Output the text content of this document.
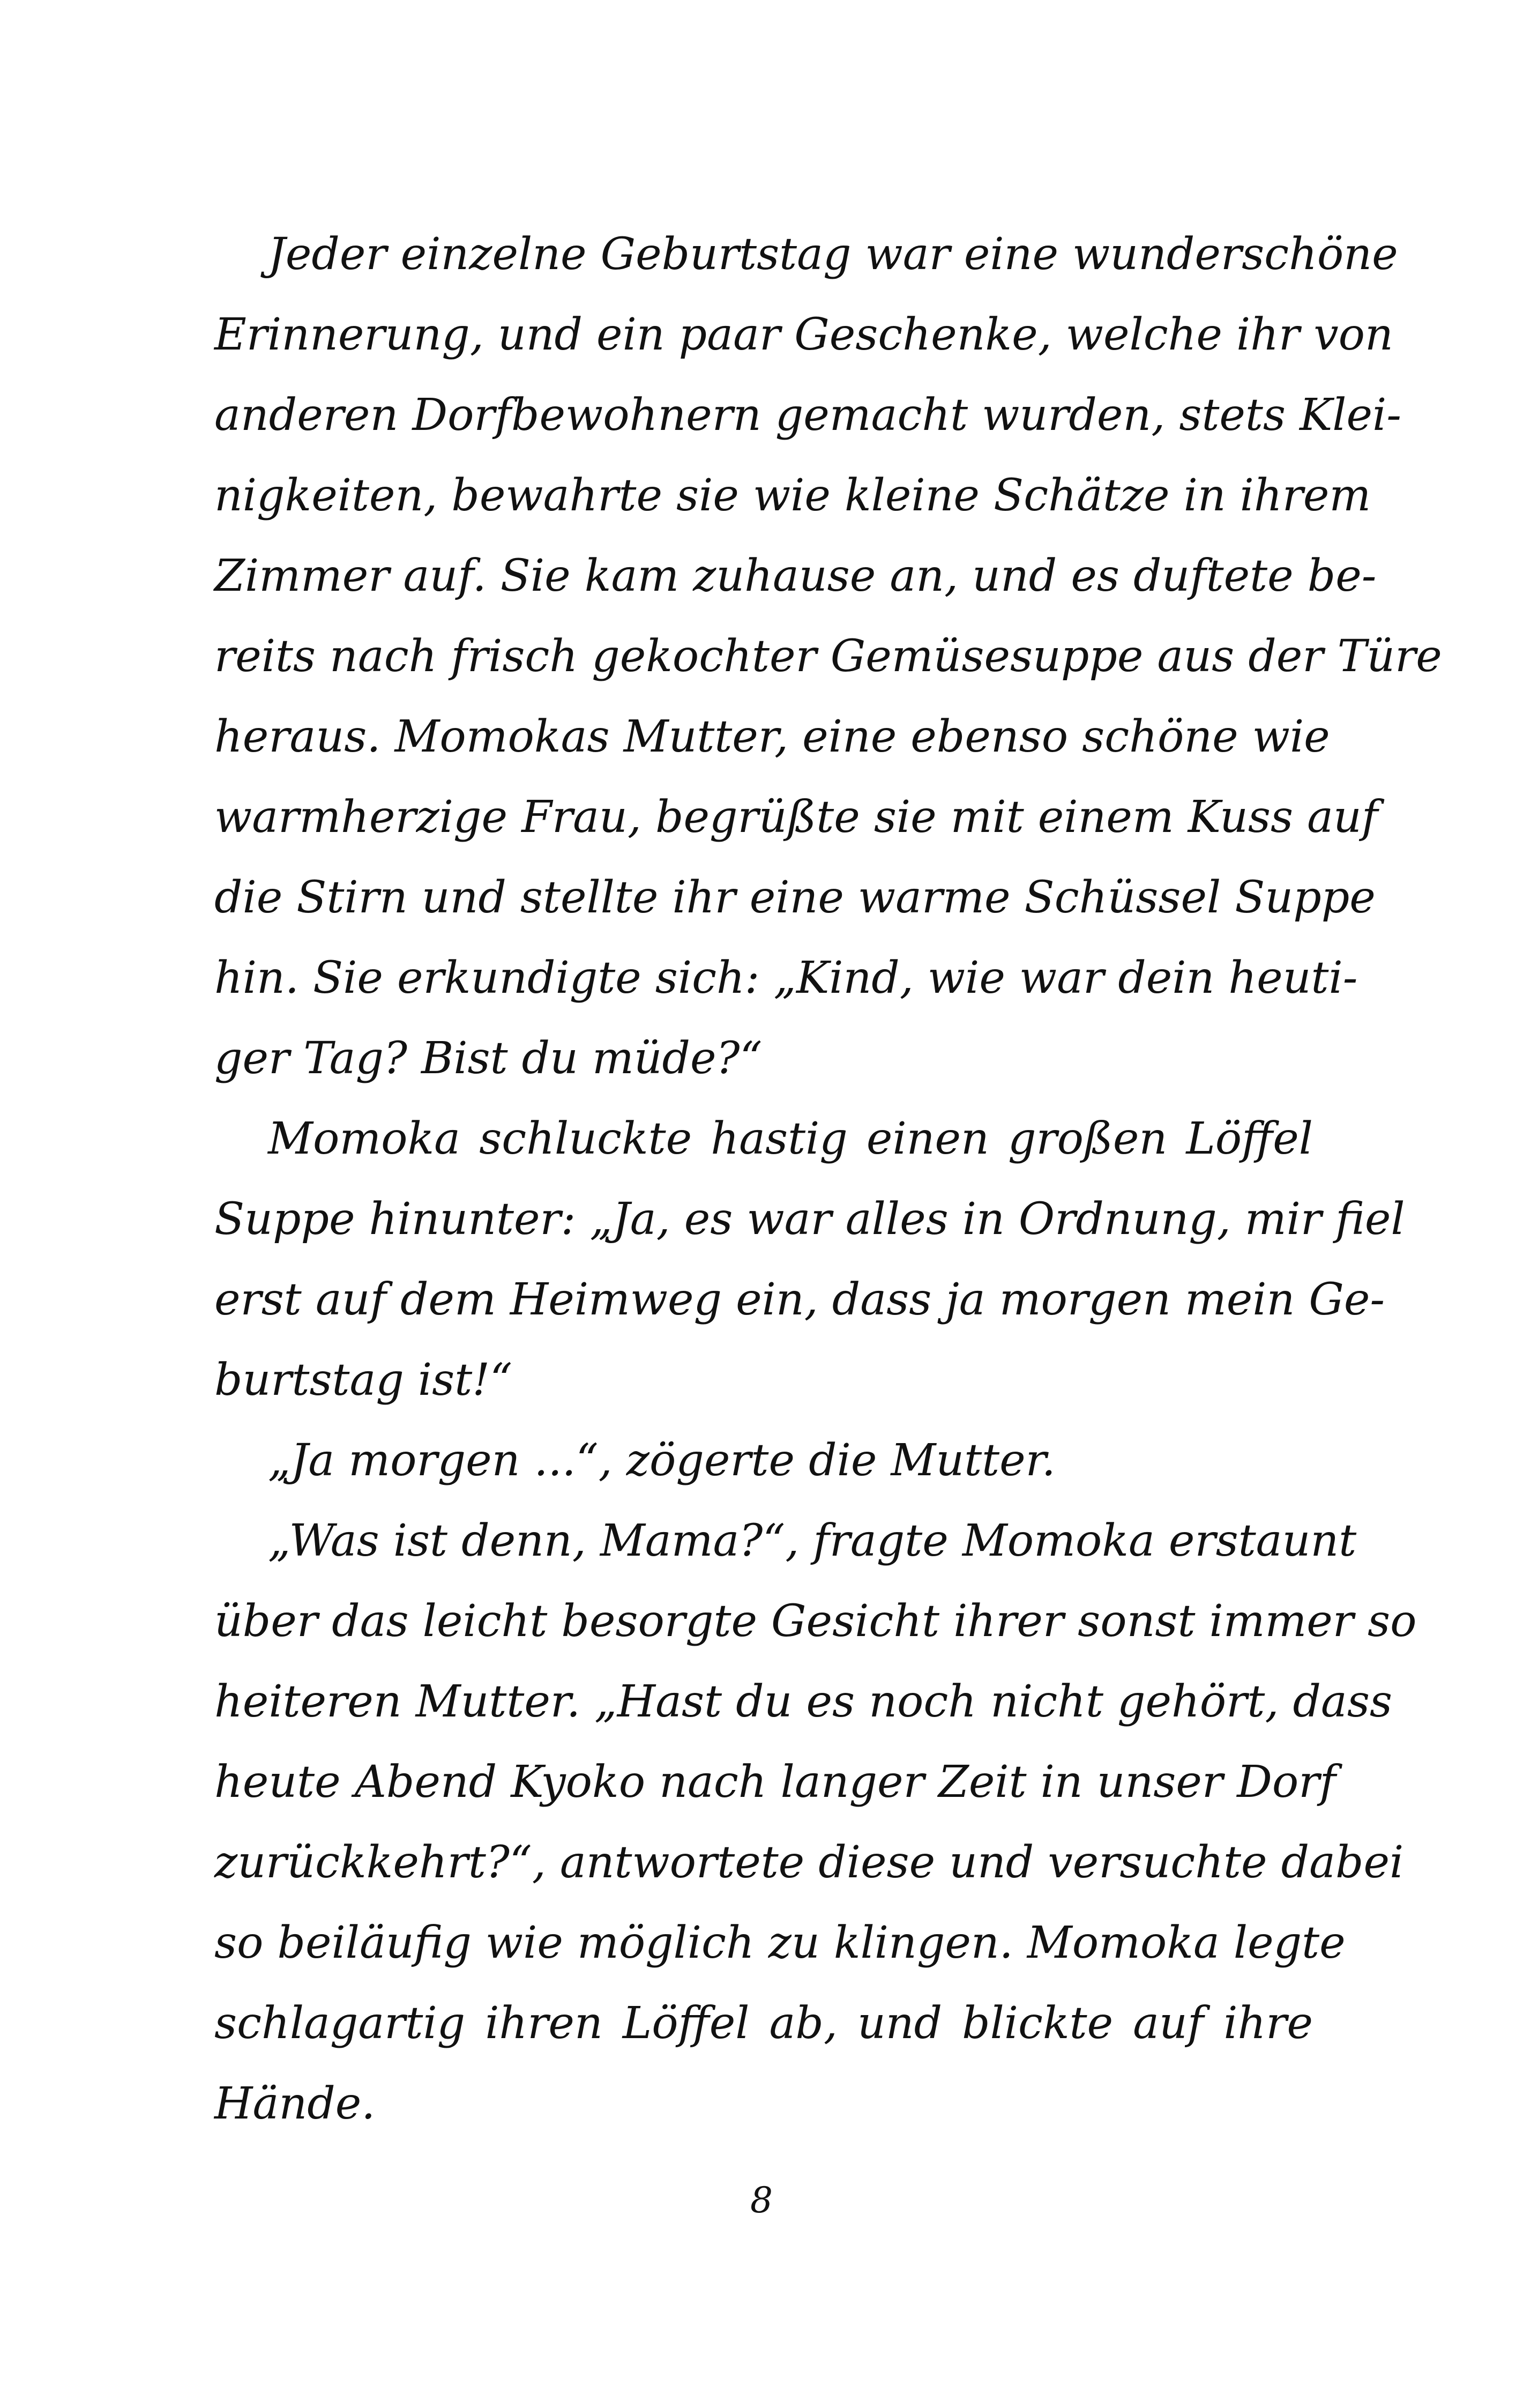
Jeder einzelne Geburtstag war eine wunderschöne
Erinnerung, und ein paar Geschenke, welche ihr von
anderen Dorfbewohnern gemacht wurden, stets Klei-
nigkeiten, bewahrte sie wie kleine Schätze in ihrem
Zimmer auf. Sie kam zuhause an, und es duftete be-
reits nach frisch gekochter Gemüsesuppe aus der Türe
heraus. Momokas Mutter, eine ebenso schöne wie
warmherzige Frau, begrüßte sie mit einem Kuss auf
die Stirn und stellte ihr eine warme Schüssel Suppe
hin. Sie erkundigte sich: „Kind, wie war dein heuti-
ger Tag? Bist du müde?“
Momoka schluckte hastig einen großen Löffel
Suppe hinunter: „Ja, es war alles in Ordnung, mir fiel
erst auf dem Heimweg ein, dass ja morgen mein Ge-
burtstag ist!“
„Ja morgen ...“, zögerte die Mutter.
„Was ist denn, Mama?“, fragte Momoka erstaunt
über das leicht besorgte Gesicht ihrer sonst immer so
heiteren Mutter. „Hast du es noch nicht gehört, dass
heute Abend Kyoko nach langer Zeit in unser Dorf
zurückkehrt?“, antwortete diese und versuchte dabei
so beiläufig wie möglich zu klingen. Momoka legte
schlagartig ihren Löffel ab, und blickte auf ihre
Hände.
8
